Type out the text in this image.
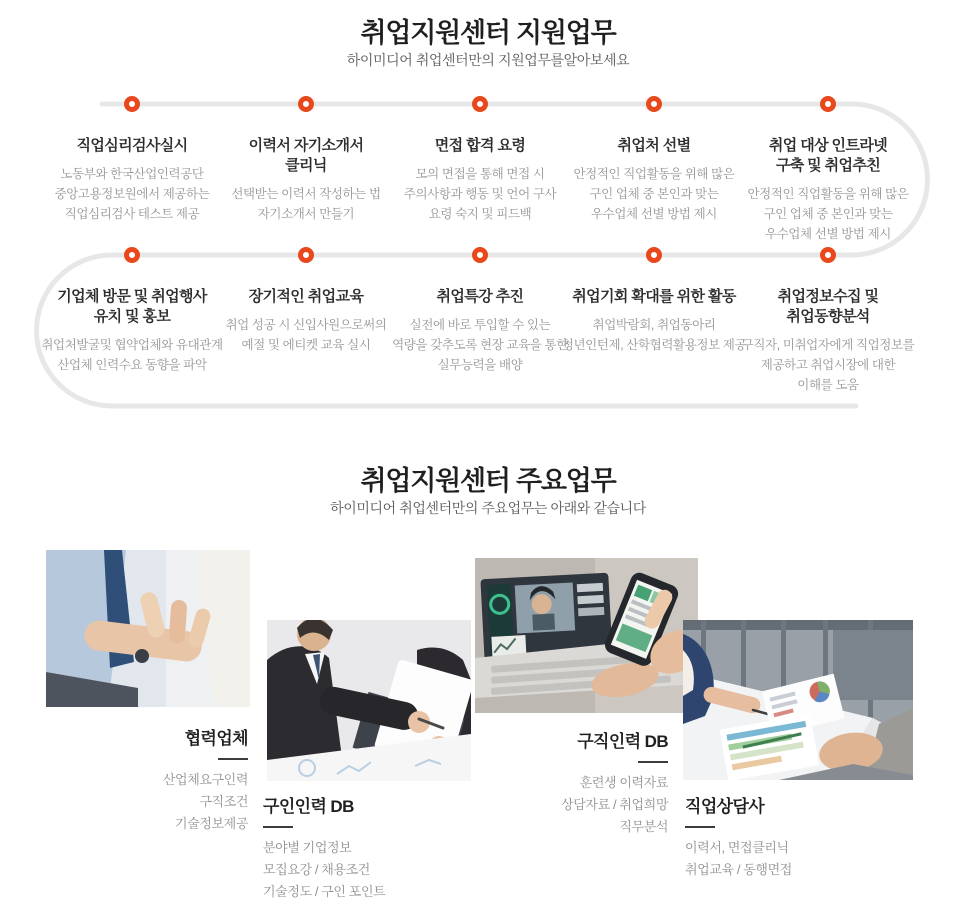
취업지원센터 지원업무
하이미디어 취업센터만의 지원업무를알아보세요
직업심리검사실시
노동부와 한국산업인력공단
중앙고용정보원에서 제공하는
직업심리검사 테스트 제공
이력서 자기소개서
클리닉
선택받는 이력서 작성하는 법
자기소개서 만들기
면접 합격 요령
모의 면접을 통해 면접 시
주의사항과 행동 및 언어 구사
요령 숙지 및 피드백
취업처 선별
안정적인 직업활동을 위해 많은
구인 업체 중 본인과 맞는
우수업체 선별 방법 제시
취업 대상 인트라넷
구축 및 취업추친
안정적인 직업활동을 위해 많은
구인 업체 중 본인과 맞는
우수업체 선별 방법 제시
기업체 방문 및 취업행사
유치 및 홍보
취업처발굴및 협약업체와 유대관계
산업체 인력수요 동향을 파악
장기적인 취업교육
취업 성공 시 신입사원으로써의
예절 및 에티켓 교육 실시
취업특강 추진
실전에 바로 투입할 수 있는
역량을 갖추도록 현장 교육을 통한
실무능력을 배양
취업기회 확대를 위한 활동
취업박람회, 취업동아리
청년인턴제, 산학협력활용정보 제공
취업정보수집 및
취업동향분석
구직자, 미취업자에게 직업정보를
제공하고 취업시장에 대한
이해를 도움
취업지원센터 주요업무
하이미디어 취업센터만의 주요업무는 아래와 같습니다
협력업체
산업체요구인력
구직조건
기술정보제공
구인인력 DB
분야별 기업정보
모집요강 / 채용조건
기술정도 / 구인 포인트
구직인력 DB
훈련생 이력자료
상담자료 / 취업희망
직무분석
직업상담사
이력서, 면접클리닉
취업교육 / 동행면접
